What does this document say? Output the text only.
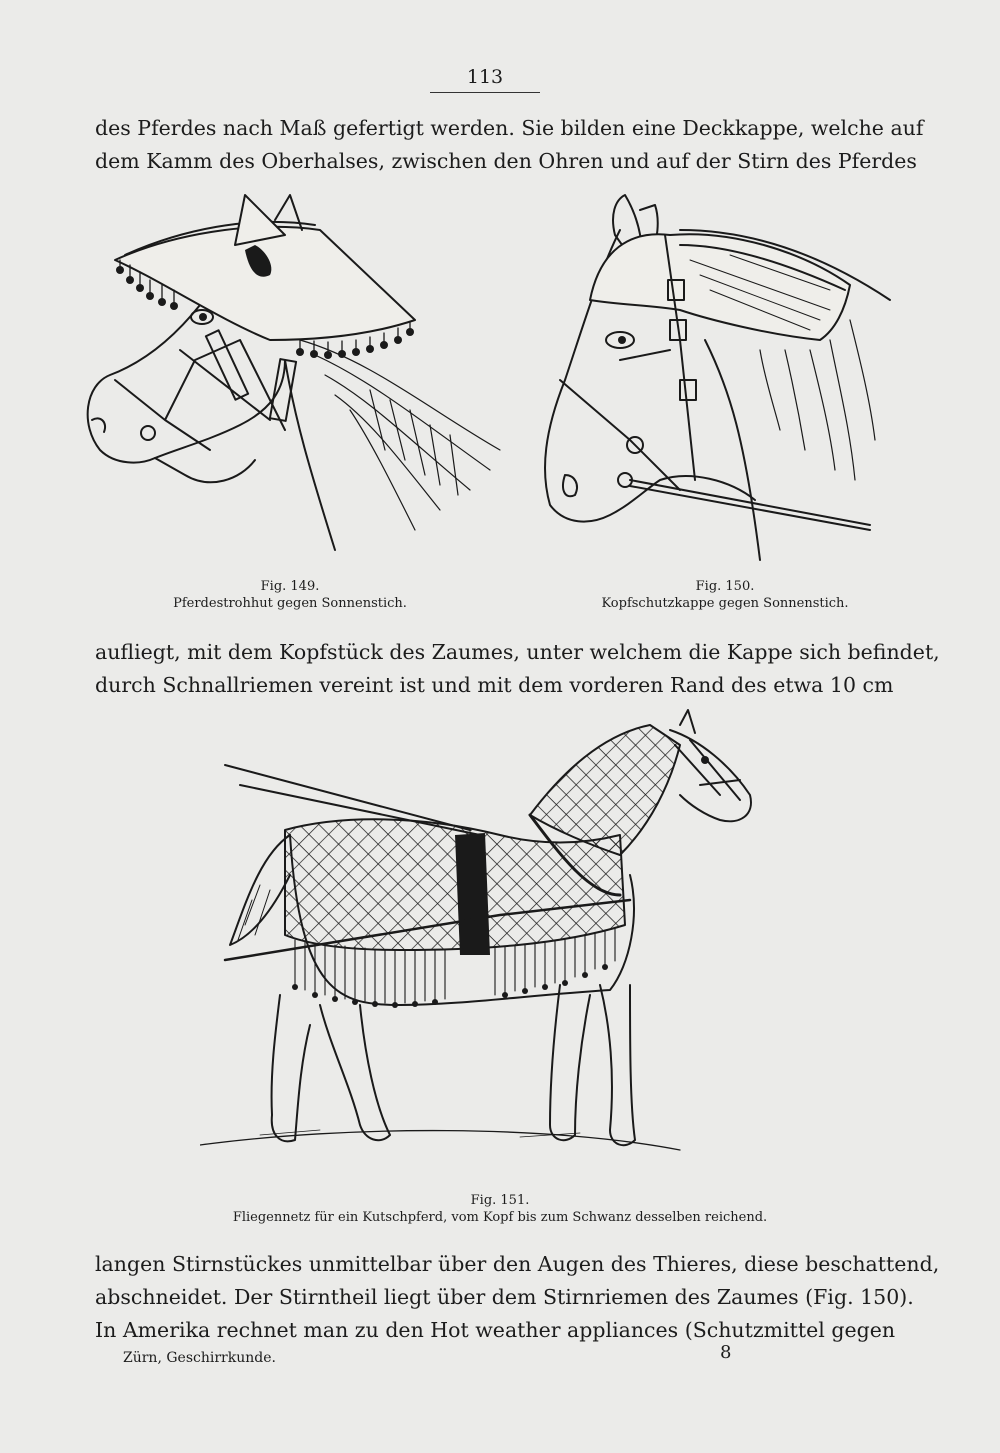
113
des Pferdes nach Maß gefertigt werden. Sie bilden eine Deckkappe, welche auf
dem Kamm des Oberhalses, zwischen den Ohren und auf der Stirn des Pferdes
Fig. 149.
Pferdestrohhut gegen Sonnenstich.
Fig. 150.
Kopfschutzkappe gegen Sonnenstich.
aufliegt, mit dem Kopfstück des Zaumes, unter welchem die Kappe sich befindet,
durch Schnallriemen vereint ist und mit dem vorderen Rand des etwa 10 cm
Fig. 151.
Fliegennetz für ein Kutschpferd, vom Kopf bis zum Schwanz desselben reichend.
langen Stirnstückes unmittelbar über den Augen des Thieres, diese beschattend,
abschneidet. Der Stirntheil liegt über dem Stirnriemen des Zaumes (Fig. 150).
In Amerika rechnet man zu den Hot weather appliances (Schutzmittel gegen
Zürn, Geschirrkunde.	8
